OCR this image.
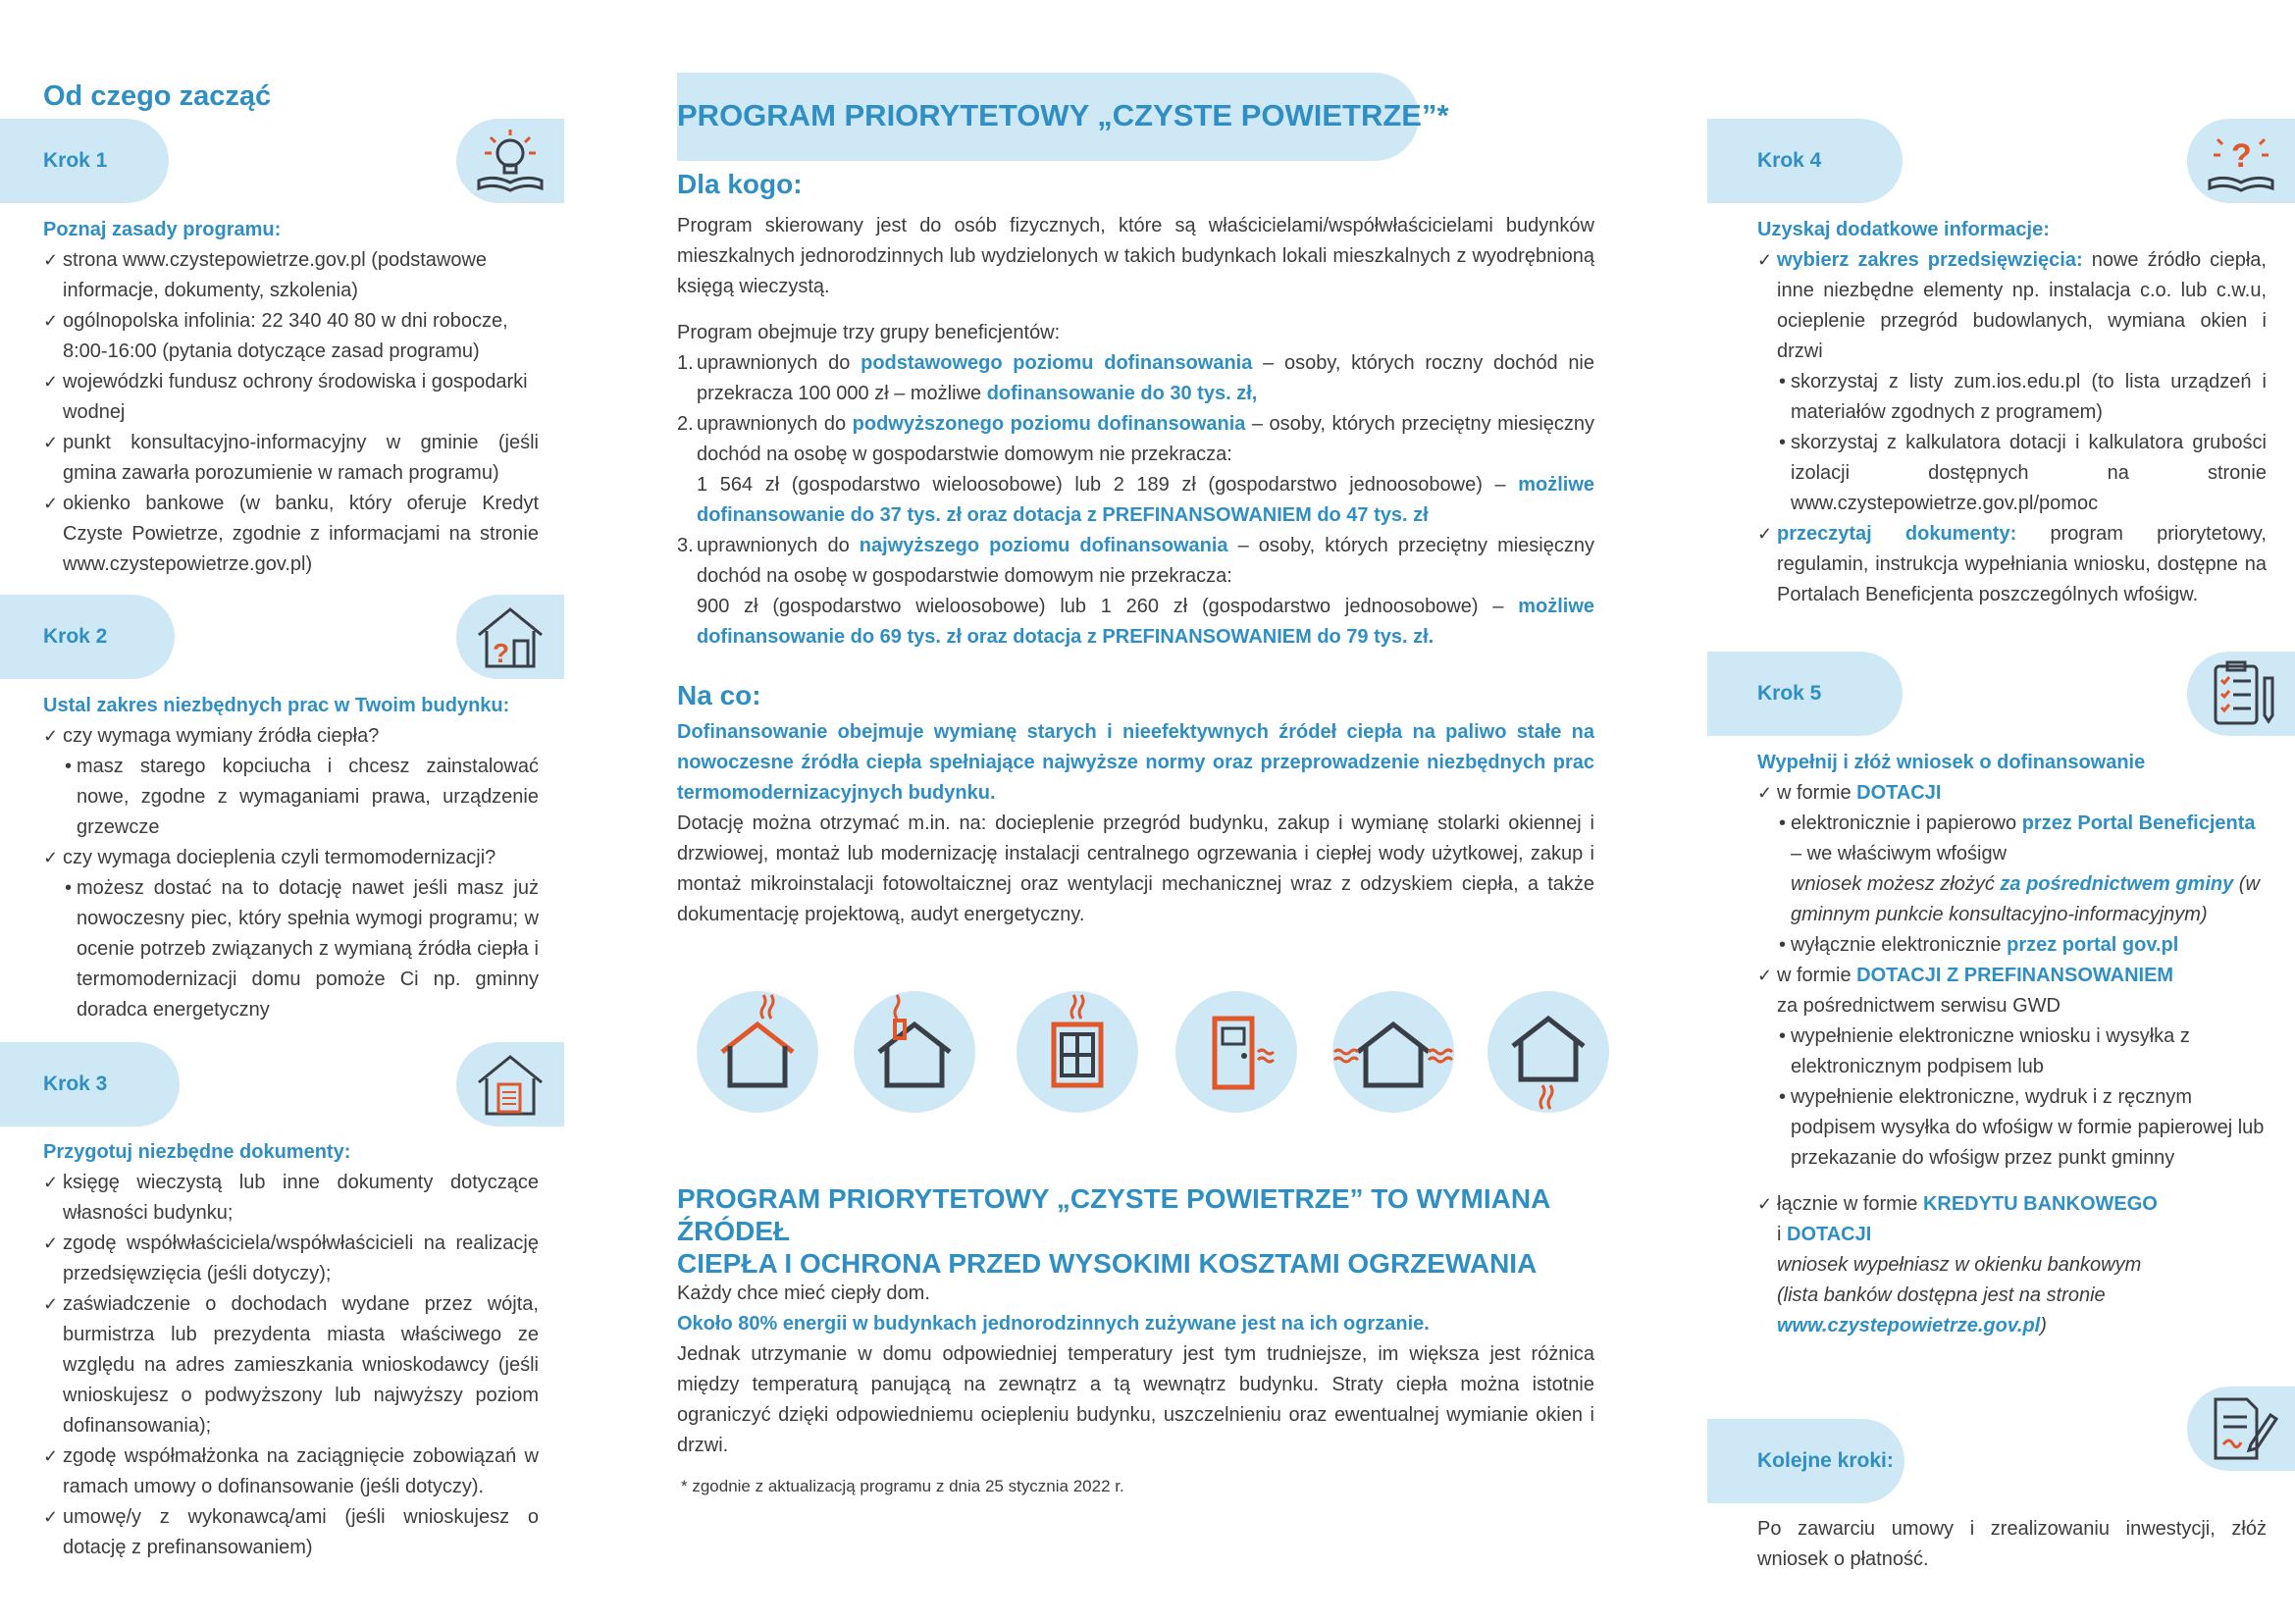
Od czego zacząć
Krok 1
Poznaj zasady programu:
✓ strona www.czystepowietrze.gov.pl (podstawowe informacje, dokumenty, szkolenia)
✓ ogólnopolska infolinia: 22 340 40 80 w dni robocze, 8:00-16:00 (pytania dotyczące zasad programu)
✓ wojewódzki fundusz ochrony środowiska i gospodarki wodnej
✓ punkt konsultacyjno-informacyjny w gminie (jeśli gmina zawarła porozumienie w ramach programu)
✓ okienko bankowe (w banku, który oferuje Kredyt Czyste Powietrze, zgodnie z informacjami na stronie www.czystepowietrze.gov.pl)
Krok 2
?
Ustal zakres niezbędnych prac w Twoim budynku:
✓ czy wymaga wymiany źródła ciepła?
• masz starego kopciucha i chcesz zainstalować nowe, zgodne z wymaganiami prawa, urządzenie grzewcze
✓ czy wymaga docieplenia czyli termomodernizacji?
• możesz dostać na to dotację nawet jeśli masz już nowoczesny piec, który spełnia wymogi programu; w ocenie potrzeb związanych z wymianą źródła ciepła i termomodernizacji domu pomoże Ci np. gminny doradca energetyczny
Krok 3
Przygotuj niezbędne dokumenty:
✓ księgę wieczystą lub inne dokumenty dotyczące własności budynku;
✓ zgodę współwłaściciela/współwłaścicieli na realizację przedsięwzięcia (jeśli dotyczy);
✓ zaświadczenie o dochodach wydane przez wójta, burmistrza lub prezydenta miasta właściwego ze względu na adres zamieszkania wnioskodawcy (jeśli wnioskujesz o podwyższony lub najwyższy poziom dofinansowania);
✓ zgodę współmałżonka na zaciągnięcie zobowiązań w ramach umowy o dofinansowanie (jeśli dotyczy).
✓ umowę/y z wykonawcą/ami (jeśli wnioskujesz o dotację z prefinansowaniem)
PROGRAM PRIORYTETOWY „CZYSTE POWIETRZE”*
Dla kogo:
Program skierowany jest do osób fizycznych, które są właścicielami/współwłaścicielami budynków mieszkalnych jednorodzinnych lub wydzielonych w takich budynkach lokali mieszkalnych z wyodrębnioną księgą wieczystą.
Program obejmuje trzy grupy beneficjentów:
1. uprawnionych do podstawowego poziomu dofinansowania – osoby, których roczny dochód nie przekracza 100 000 zł – możliwe dofinansowanie do 30 tys. zł,
2. uprawnionych do podwyższonego poziomu dofinansowania – osoby, których przeciętny miesięczny dochód na osobę w gospodarstwie domowym nie przekracza:
1 564 zł (gospodarstwo wieloosobowe) lub 2 189 zł (gospodarstwo jednoosobowe) – możliwe dofinansowanie do 37 tys. zł oraz dotacja z PREFINANSOWANIEM do 47 tys. zł
3. uprawnionych do najwyższego poziomu dofinansowania – osoby, których przeciętny miesięczny dochód na osobę w gospodarstwie domowym nie przekracza:
900 zł (gospodarstwo wieloosobowe) lub 1 260 zł (gospodarstwo jednoosobowe) – możliwe dofinansowanie do 69 tys. zł oraz dotacja z PREFINANSOWANIEM do 79 tys. zł.
Na co:
Dofinansowanie obejmuje wymianę starych i nieefektywnych źródeł ciepła na paliwo stałe na nowoczesne źródła ciepła spełniające najwyższe normy oraz przeprowadzenie niezbędnych prac termomodernizacyjnych budynku.
Dotację można otrzymać m.in. na: docieplenie przegród budynku, zakup i wymianę stolarki okiennej i drzwiowej, montaż lub modernizację instalacji centralnego ogrzewania i ciepłej wody użytkowej, zakup i montaż mikroinstalacji fotowoltaicznej oraz wentylacji mechanicznej wraz z odzyskiem ciepła, a także dokumentację projektową, audyt energetyczny.
PROGRAM PRIORYTETOWY „CZYSTE POWIETRZE” TO WYMIANA ŹRÓDEŁ
CIEPŁA I OCHRONA PRZED WYSOKIMI KOSZTAMI OGRZEWANIA
Każdy chce mieć ciepły dom.
Około 80% energii w budynkach jednorodzinnych zużywane jest na ich ogrzanie.
Jednak utrzymanie w domu odpowiedniej temperatury jest tym trudniejsze, im większa jest różnica między temperaturą panującą na zewnątrz a tą wewnątrz budynku. Straty ciepła można istotnie ograniczyć dzięki odpowiedniemu ociepleniu budynku, uszczelnieniu oraz ewentualnej wymianie okien i drzwi.
* zgodnie z aktualizacją programu z dnia 25 stycznia 2022 r.
Krok 4	?
Uzyskaj dodatkowe informacje:
✓ wybierz zakres przedsięwzięcia: nowe źródło ciepła, inne niezbędne elementy np. instalacja c.o. lub c.w.u, ocieplenie przegród budowlanych, wymiana okien i drzwi
• skorzystaj z listy zum.ios.edu.pl (to lista urządzeń i materiałów zgodnych z programem)
• skorzystaj z kalkulatora dotacji i kalkulatora grubości izolacji dostępnych na stronie www.czystepowietrze.gov.pl/pomoc
✓ przeczytaj dokumenty: program priorytetowy, regulamin, instrukcja wypełniania wniosku, dostępne na Portalach Beneficjenta poszczególnych wfośigw.
Krok 5
Wypełnij i złóż wniosek o dofinansowanie
✓ w formie DOTACJI
• elektronicznie i papierowo przez Portal Beneficjenta – we właściwym wfośigw
wniosek możesz złożyć za pośrednictwem gminy (w gminnym punkcie konsultacyjno-informacyjnym)
• wyłącznie elektronicznie przez portal gov.pl
✓ w formie DOTACJI Z PREFINANSOWANIEM
za pośrednictwem serwisu GWD
• wypełnienie elektroniczne wniosku i wysyłka z elektronicznym podpisem lub
• wypełnienie elektroniczne, wydruk i z ręcznym podpisem wysyłka do wfośigw w formie papierowej lub przekazanie do wfośigw przez punkt gminny
✓ łącznie w formie KREDYTU BANKOWEGO
i DOTACJI
wniosek wypełniasz w okienku bankowym
(lista banków dostępna jest na stronie www.czystepowietrze.gov.pl)
Kolejne kroki:
Po zawarciu umowy i zrealizowaniu inwestycji, złóż wniosek o płatność.
